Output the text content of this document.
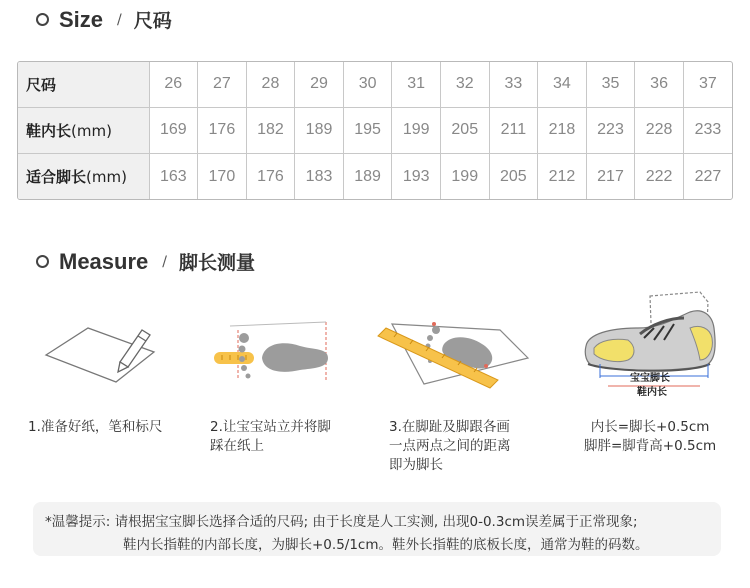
Size / 尺码
尺码	26	27	28	29	30	31	32	33	34	35	36	37
鞋内长(mm)	169	176	182	189	195	199	205	211	218	223	228	233
适合脚长(mm)	163	170	176	183	189	193	199	205	212	217	222	227
Measure / 脚长测量
1.准备好纸，笔和标尺	2.让宝宝站立并将脚
踩在纸上
3.在脚趾及脚跟各画
一点两点之间的距离
即为脚长
宝宝脚长
鞋内长
内长=脚长+0.5cm
脚胖=脚背高+0.5cm
*温馨提示: 请根据宝宝脚长选择合适的尺码; 由于长度是人工实测, 出现0-0.3cm误差属于正常现象;
鞋内长指鞋的内部长度，为脚长+0.5/1cm。鞋外长指鞋的底板长度，通常为鞋的码数。
